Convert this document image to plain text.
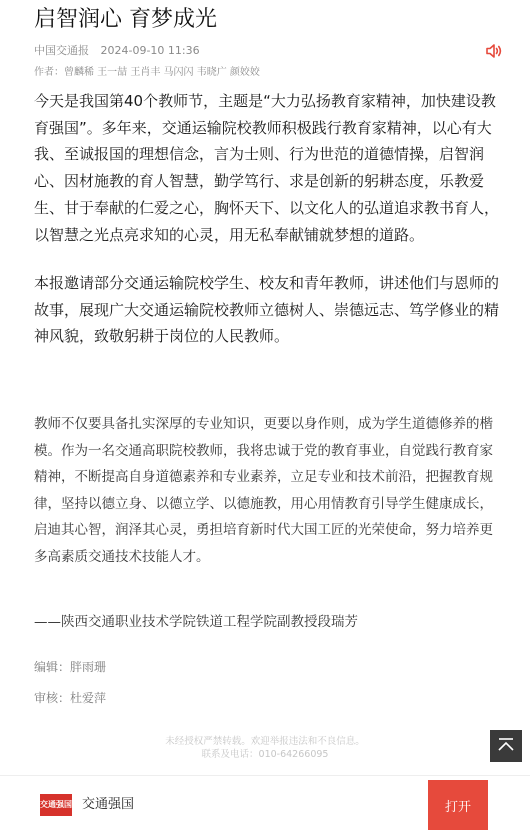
启智润心 育梦成光
中国交通报 2024-09-10 11:36
作者：曾麟稀 王一喆 王肖丰 马闪闪 韦晓广 颜姣姣

今天是我国第40个教师节，主题是“大力弘扬教育家精神，加快建设教育强国”。多年来，交通运输院校教师积极践行教育家精神，以心有大我、至诚报国的理想信念，言为士则、行为世范的道德情操，启智润心、因材施教的育人智慧，勤学笃行、求是创新的躬耕态度，乐教爱生、甘于奉献的仁爱之心，胸怀天下、以文化人的弘道追求教书育人，以智慧之光点亮求知的心灵，用无私奉献铺就梦想的道路。

本报邀请部分交通运输院校学生、校友和青年教师，讲述他们与恩师的故事，展现广大交通运输院校教师立德树人、崇德远志、笃学修业的精神风貌，致敬躬耕于岗位的人民教师。

教师不仅要具备扎实深厚的专业知识，更要以身作则，成为学生道德修养的楷模。作为一名交通高职院校教师，我将忠诚于党的教育事业，自觉践行教育家精神，不断提高自身道德素养和专业素养，立足专业和技术前沿，把握教育规律，坚持以德立身、以德立学、以德施教，用心用情教育引导学生健康成长，启迪其心智，润泽其心灵，勇担培育新时代大国工匠的光荣使命，努力培养更多高素质交通技术技能人才。

——陕西交通职业技术学院铁道工程学院副教授段瑞芳
编辑：胖雨珊
审核：杜爱萍
未经授权严禁转载。欢迎举报违法和不良信息。
联系及电话：010-64266095
交通强国 交通强国	打开
